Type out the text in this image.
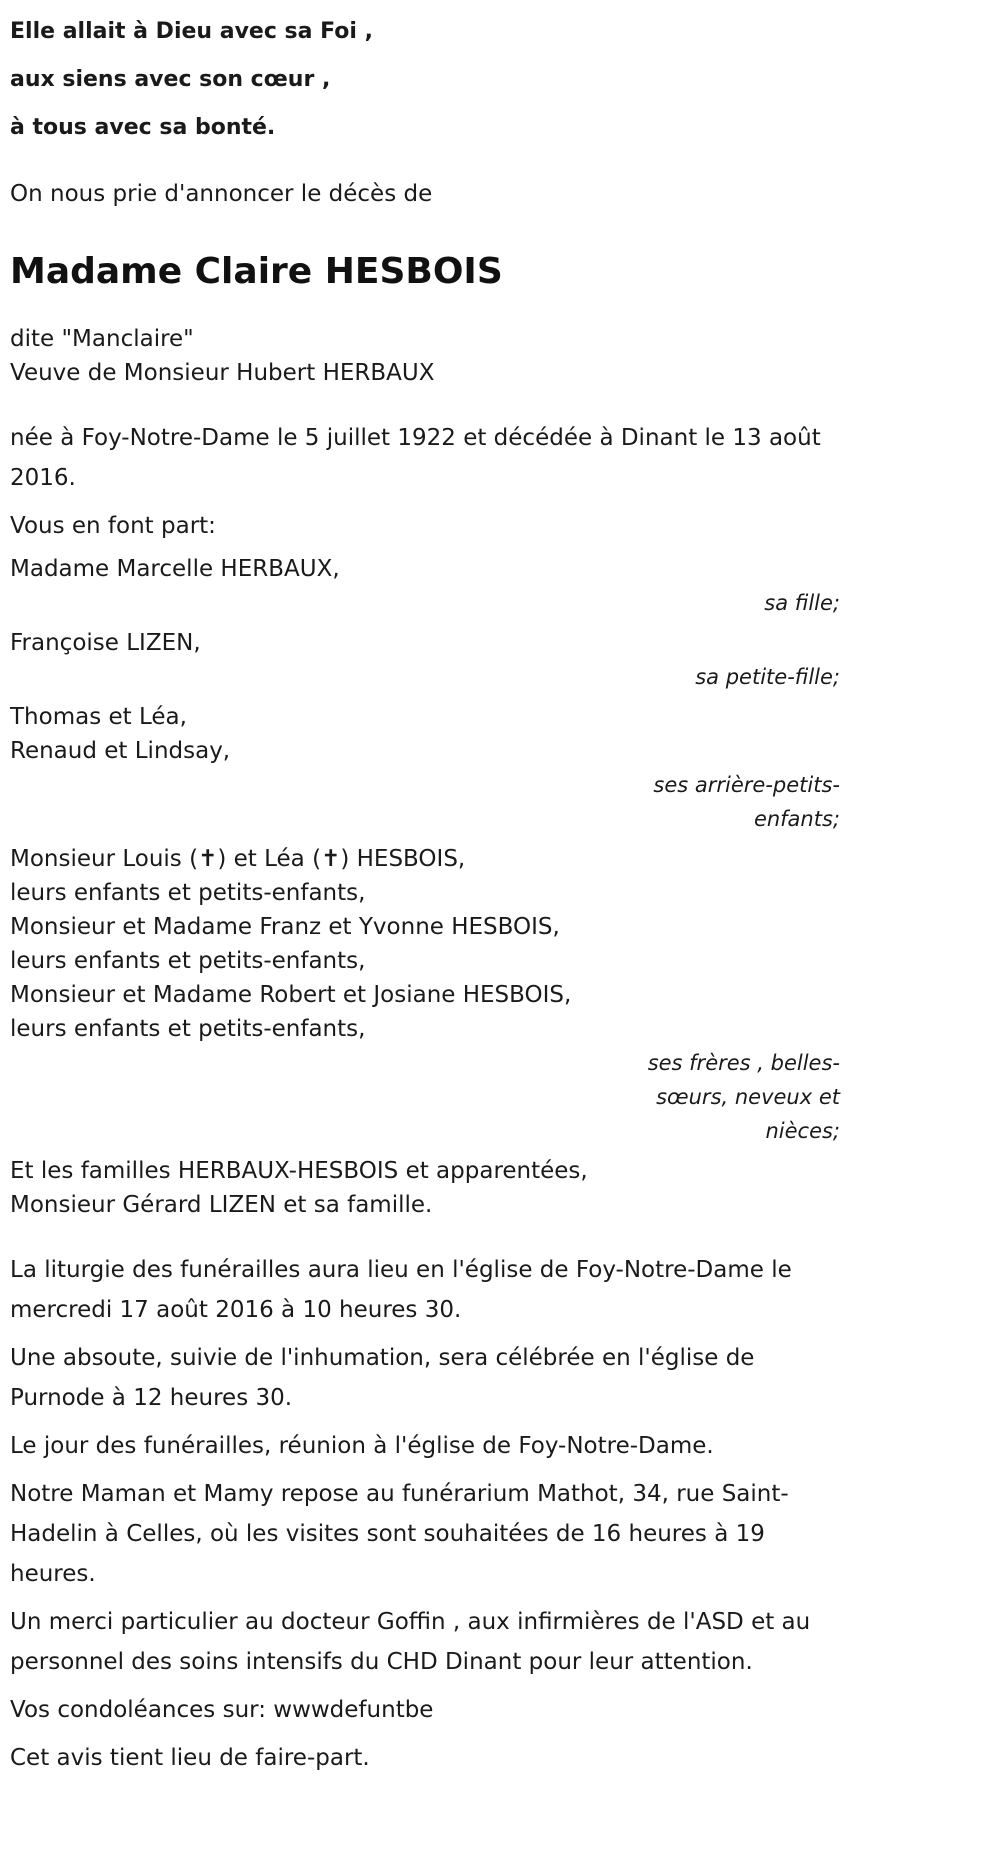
Elle allait à Dieu avec sa Foi ,
aux siens avec son cœur ,
à tous avec sa bonté.
On nous prie d'annoncer le décès de
Madame Claire HESBOIS
dite "Manclaire"
Veuve de Monsieur Hubert HERBAUX
née à Foy-Notre-Dame le 5 juillet 1922 et décédée à Dinant le 13 août 2016.
Vous en font part:
Madame Marcelle HERBAUX,
sa fille;
Françoise LIZEN,
sa petite-fille;
Thomas et Léa,
Renaud et Lindsay,
ses arrière-petits-enfants;
Monsieur Louis (✝) et Léa (✝) HESBOIS,
leurs enfants et petits-enfants,
Monsieur et Madame Franz et Yvonne HESBOIS,
leurs enfants et petits-enfants,
Monsieur et Madame Robert et Josiane HESBOIS,
leurs enfants et petits-enfants,
ses frères , belles-sœurs, neveux et nièces;
Et les familles HERBAUX-HESBOIS et apparentées,
Monsieur Gérard LIZEN et sa famille.
La liturgie des funérailles aura lieu en l'église de Foy-Notre-Dame le mercredi 17 août 2016 à 10 heures 30.
Une absoute, suivie de l'inhumation, sera célébrée en l'église de Purnode à 12 heures 30.
Le jour des funérailles, réunion à l'église de Foy-Notre-Dame.
Notre Maman et Mamy repose au funérarium Mathot, 34, rue Saint-Hadelin à Celles, où les visites sont souhaitées de 16 heures à 19 heures.
Un merci particulier au docteur Goffin , aux infirmières de l'ASD et au personnel des soins intensifs du CHD Dinant pour leur attention.
Vos condoléances sur: wwwdefuntbe
Cet avis tient lieu de faire-part.
